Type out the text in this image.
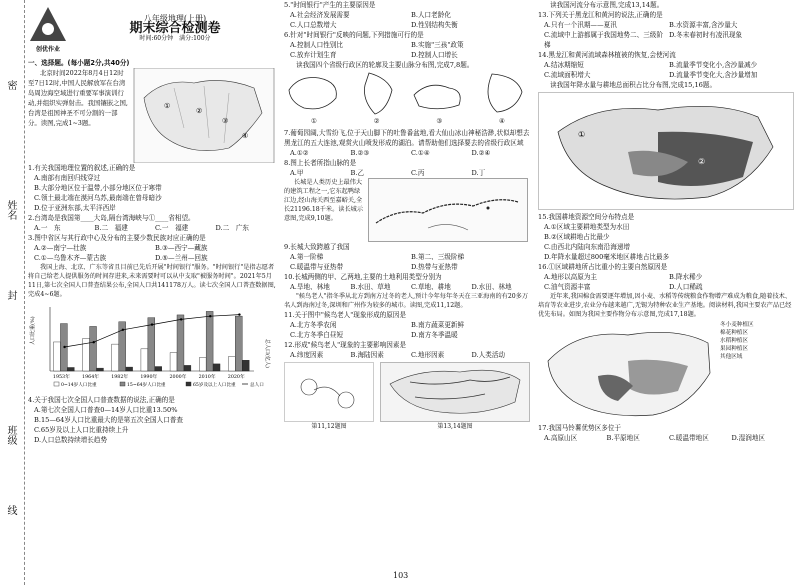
姓名
班级
线
封
密
创优作业
八年级地理(上册)
期末综合检测卷
时间:60分钟　满分:100分

一、选择题。(每小题2分,共40分)

北京时间2022年8月4日12时至7日12时,中国人民解放军在台湾岛周边海空域进行重要军事演训行动,并组织实弹射击。我国镶嵌之国,台湾是祖国神圣不可分割的一部分。读图,完成1~3题。

①
②
③
④

1.有关我国地理位置的叙述,正确的是

A.南部有南回归线穿过
B.大部分地区位于温带,小部分地区位于寒带
C.领土最北端在漠河乌苏,最南端在曾母暗沙
D.位于亚洲东部,太平洋西岸

2.台湾岛是我国第____大岛,隔台湾海峡与①____省相望。

A.一　东	B.二　福建	C.一　福建	D.二　广东

3.图中省区与其行政中心及分布的主要少数民族对应正确的是

A.②—南宁—壮族	B.③—西宁—藏族
C.①—乌鲁木齐—蒙古族	D.⑤—兰州—回族

我国上海、北京、广东等省且目前已先后开展"时间银行"服务。"时间银行"是指志愿者将自己给老人提供服务的时间存进来,未来需要时可以从中支取"被服务时间"。2021年5月11日,第七次全国人口普查结果公布,全国人口共141178万人。读七次全国人口普查数据图,完成4~6题。

人口比重(%)
总人口(亿人)
1953年	1964年	1982年	1990年	2000年	2010年	2020年
0~14岁人口比重	15~64岁人口比重	65岁及以上人口比重	总人口

4.关于我国七次全国人口普查数据的说法,正确的是

A.第七次全国人口普查0—14岁人口比重13.50%
B.15—64岁人口比重最大的是第五次全国人口普查
C.65岁及以上人口比重持续上升
D.人口总数持续增长趋势

5."时间银行"产生的主要原因是

A.社会经济发展需要	B.人口老龄化
C.人口总数增大	D.性别结构失衡

6.针对"时间银行"反映的问题,下列措施可行的是

A.控制人口性别比	B.实施"三孩"政策
C.放弃计划生育	D.控制人口增长

读我国四个省级行政区的轮廓及主要山脉分布图,完成7,8题。

①	②	③	④

7.葡萄园阔,大雪纷飞,位于天山脚下的吐鲁番盆地,看大仙山冰山神秘浩渺,状似却想去黑龙江的五大连池,观赏火山喷发形成的湖泊。请帮助他们选择要去的省级行政区域

A.①②	B.②③	C.①④	D.②④

8.图上长者所指山脉的是

A.甲	B.乙	C.丙	D.丁

长城是人类历史上最伟大的建筑工程之一,它东起鸭绿江边,经山海关西至嘉峪关,全长21196.18千米。读长城示意图,完成9,10题。

9.长城大致跨越了我国

A.第一阶梯	B.第二、三级阶梯
C.暖温带与亚热带	D.热带与亚热带

10.长城两侧的甲、乙两地,主要的土地利用类型分别为

A.旱地、林地	B.水田、草地	C.草地、耕地	D.水田、林地

"候鸟老人"指冬季从北方到南方过冬的老人,预计今年每年冬天在三亚海南的有20多万名人到海南过冬,深圳和广州作为较多的城市。读图,完成11,12题。

11.关于图中"候鸟老人"现象形成的原因是

A.北方冬季农闲	B.南方蔬菜更新鲜
C.北方冬季白昼短	D.南方冬季温暖

12.形成"候鸟老人"现象的主要影响因素是

A.纬度因素	B.海陆因素	C.地形因素	D.人类活动
第11,12题图	第13,14题图

读我国河流分布示意图,完成13,14题。

13.下列关于黑龙江和黄河的说法,正确的是

A.只有一个汛期——夏汛	B.水资源丰富,含沙量大
C.流域中上游都属于我国地势二、三级阶梯
D.冬末春初时有凌汛现象

14.黑龙江和黄河流域森林植被的恢复,会使河流

A.结冰期缩短	B.流量季节变化小,含沙量减少
C.流域面积增大	D.流量季节变化大,含沙量增加

读我国年降水量与耕地总面积占比分布图,完成15,16题。

①
②

15.我国耕地资源空间分布特点是

A.①区域主要耕地类型为水田
B.②区域耕地占比最少
C.由西北内陆向东南沿海递增
D.年降水量超过800毫米地区耕地占比最多

16.①区域耕地所占比重小的主要自然原因是

A.地形以高原为主	B.降水稀少
C.油气资源丰富	D.人口稀疏

近年来,我国棉食需要逐年增加,因小麦、水稻等传统粮食作物增产难成为粮食,随着技术、培育等农业进步,农业分布越来越广,无锡为特种农业生产基地。阅读材料,我国主要农产品已经优先布局。如图为我国主要作物分布示意图,完成17,18题。

冬小麦种植区
棉花种植区
水稻种植区
果园种植区
其他区域

17.我国马铃薯优势区多位于

A.高原山区	B.平原地区	C.暖温带地区	D.湿润地区
103
